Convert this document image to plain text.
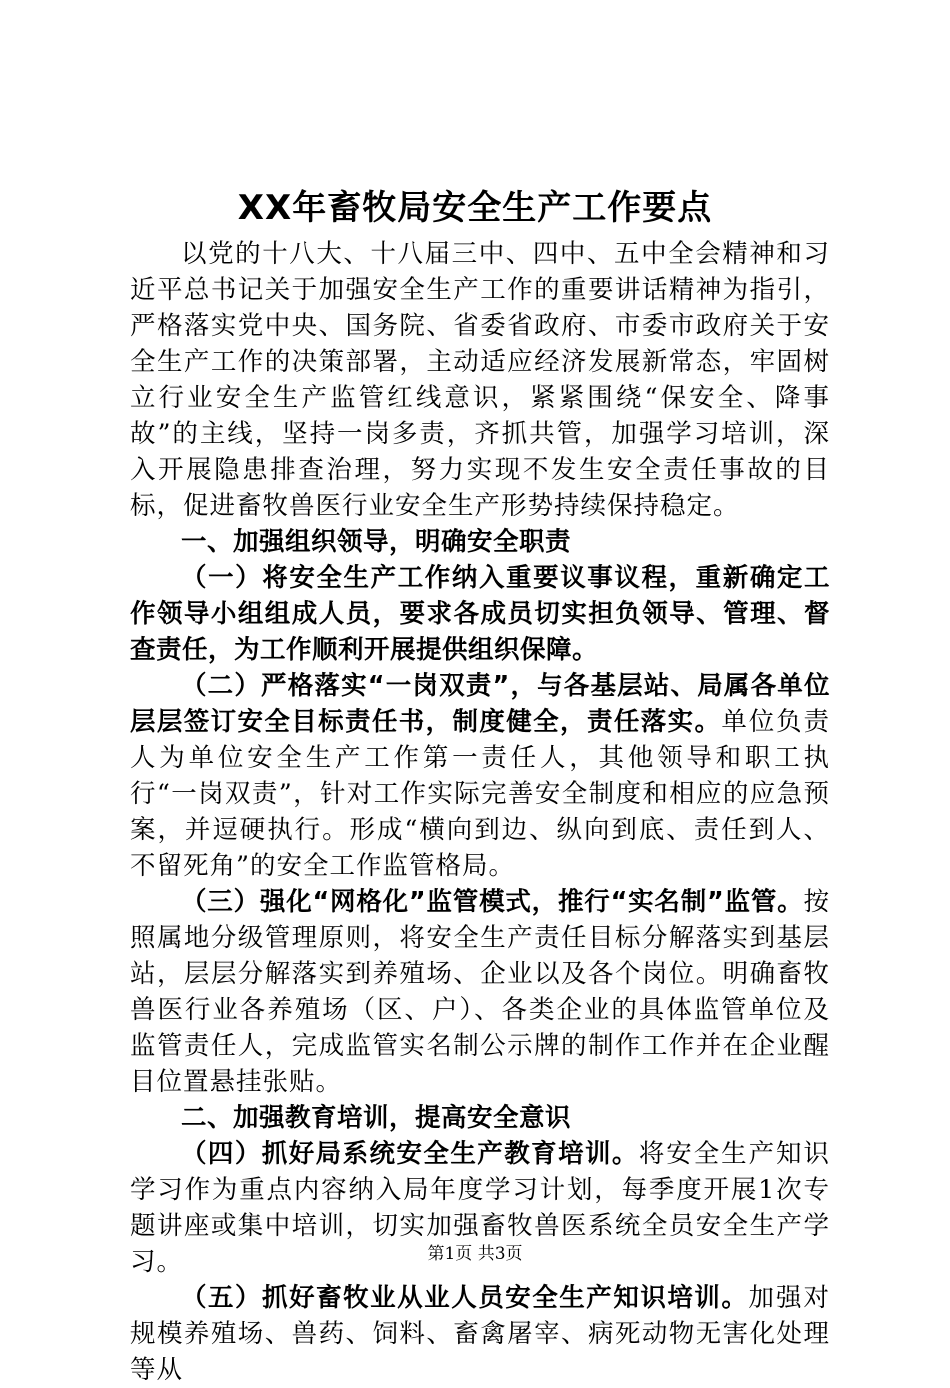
XX年畜牧局安全生产工作要点

以党的十八大、十八届三中、四中、五中全会精神和习近平总书记关于加强安全生产工作的重要讲话精神为指引，严格落实党中央、国务院、省委省政府、市委市政府关于安全生产工作的决策部署，主动适应经济发展新常态，牢固树立行业安全生产监管红线意识，紧紧围绕“保安全、降事故”的主线，坚持一岗多责，齐抓共管，加强学习培训，深入开展隐患排查治理，努力实现不发生安全责任事故的目标，促进畜牧兽医行业安全生产形势持续保持稳定。

一、加强组织领导，明确安全职责

（一）将安全生产工作纳入重要议事议程，重新确定工作领导小组组成人员，要求各成员切实担负领导、管理、督查责任，为工作顺利开展提供组织保障。

（二）严格落实“一岗双责”，与各基层站、局属各单位层层签订安全目标责任书，制度健全，责任落实。单位负责人为单位安全生产工作第一责任人，其他领导和职工执行“一岗双责”，针对工作实际完善安全制度和相应的应急预案，并逗硬执行。形成“横向到边、纵向到底、责任到人、不留死角”的安全工作监管格局。

（三）强化“网格化”监管模式，推行“实名制”监管。按照属地分级管理原则，将安全生产责任目标分解落实到基层站，层层分解落实到养殖场、企业以及各个岗位。明确畜牧兽医行业各养殖场（区、户）、各类企业的具体监管单位及监管责任人，完成监管实名制公示牌的制作工作并在企业醒目位置悬挂张贴。

二、加强教育培训，提高安全意识

（四）抓好局系统安全生产教育培训。将安全生产知识学习作为重点内容纳入局年度学习计划，每季度开展1次专题讲座或集中培训，切实加强畜牧兽医系统全员安全生产学习。

（五）抓好畜牧业从业人员安全生产知识培训。加强对规模养殖场、兽药、饲料、畜禽屠宰、病死动物无害化处理等从

第1页 共3页
